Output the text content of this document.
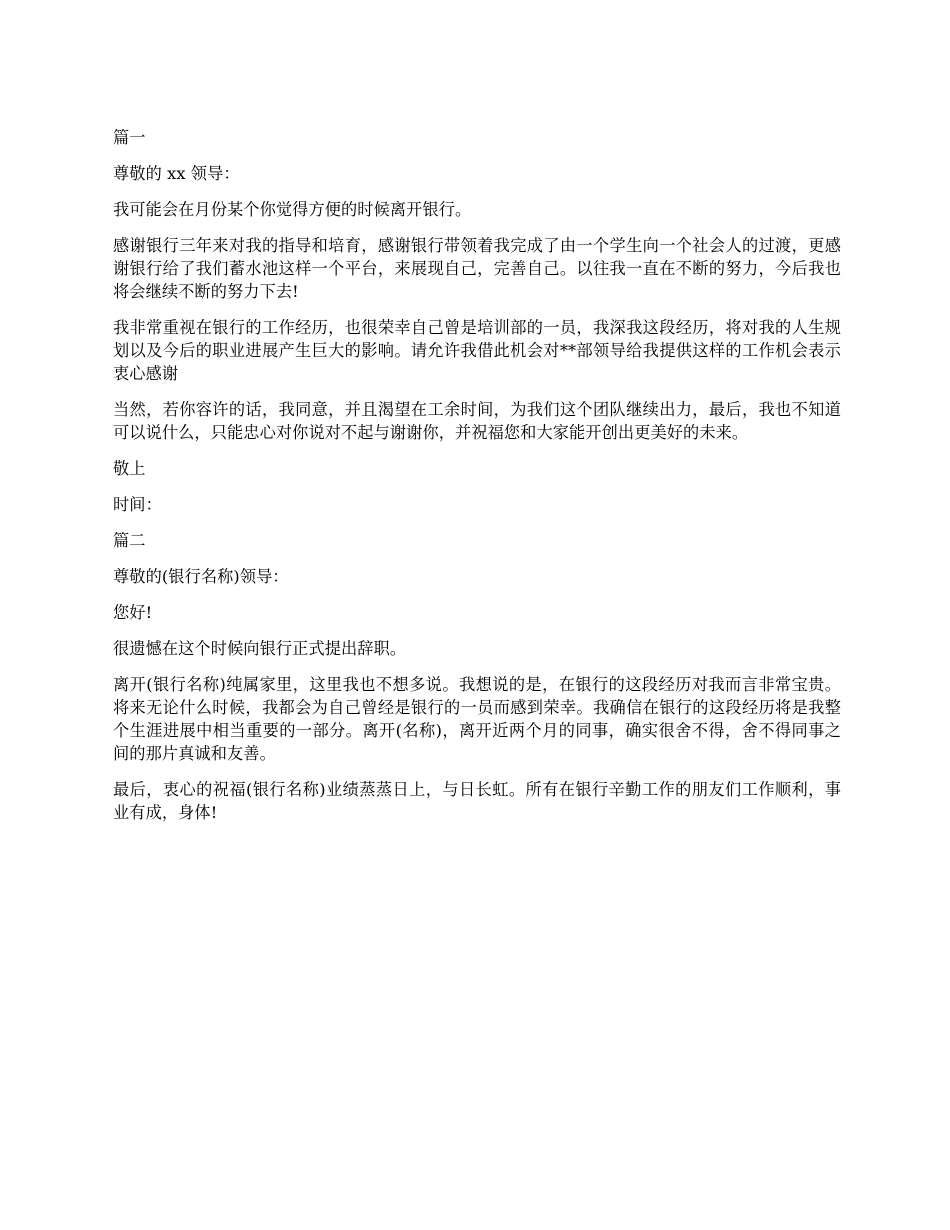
篇一

尊敬的 xx 领导：

我可能会在月份某个你觉得方便的时候离开银行。

感谢银行三年来对我的指导和培育，感谢银行带领着我完成了由一个学生向一个社会人的过渡，更感谢银行给了我们蓄水池这样一个平台，来展现自己，完善自己。以往我一直在不断的努力，今后我也将会继续不断的努力下去!

我非常重视在银行的工作经历，也很荣幸自己曾是培训部的一员，我深我这段经历，将对我的人生规划以及今后的职业进展产生巨大的影响。请允许我借此机会对**部领导给我提供这样的工作机会表示衷心感谢

当然，若你容许的话，我同意，并且渴望在工余时间，为我们这个团队继续出力，最后，我也不知道可以说什么，只能忠心对你说对不起与谢谢你，并祝福您和大家能开创出更美好的未来。

敬上

时间：

篇二

尊敬的(银行名称)领导：

您好!

很遗憾在这个时候向银行正式提出辞职。

离开(银行名称)纯属家里，这里我也不想多说。我想说的是，在银行的这段经历对我而言非常宝贵。将来无论什么时候，我都会为自己曾经是银行的一员而感到荣幸。我确信在银行的这段经历将是我整个生涯进展中相当重要的一部分。离开(名称)，离开近两个月的同事，确实很舍不得，舍不得同事之间的那片真诚和友善。

最后，衷心的祝福(银行名称)业绩蒸蒸日上，与日长虹。所有在银行辛勤工作的朋友们工作顺利，事业有成，身体!
